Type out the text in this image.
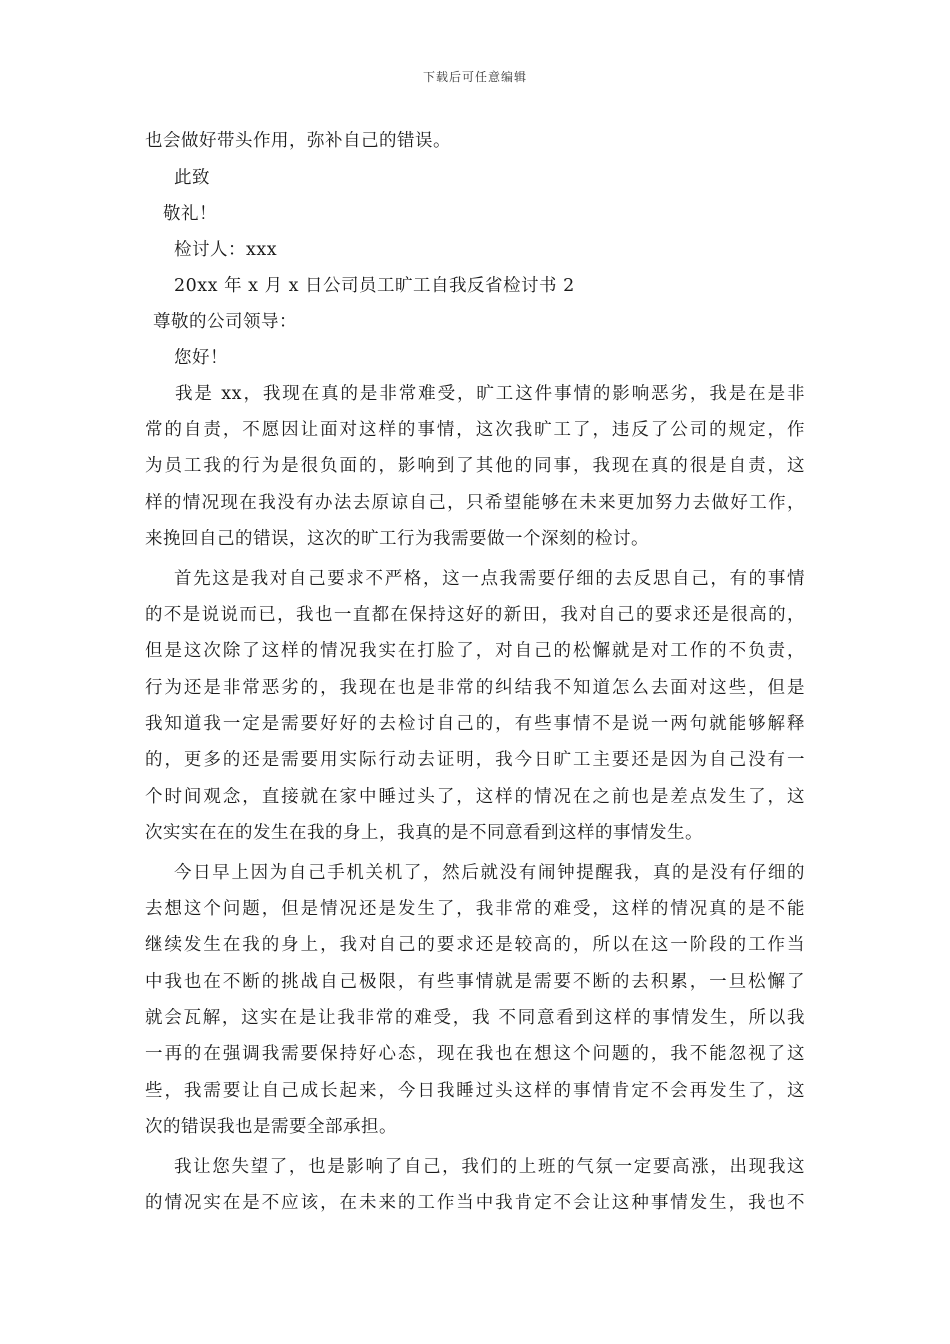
下载后可任意编辑
也会做好带头作用，弥补自己的错误。
此致
敬礼！
检讨人：xxx
20xx 年 x 月 x 日公司员工旷工自我反省检讨书 2
尊敬的公司领导：
您好！
我是 xx，我现在真的是非常难受，旷工这件事情的影响恶劣，我是在是非
常的自责，不愿因让面对这样的事情，这次我旷工了，违反了公司的规定，作
为员工我的行为是很负面的，影响到了其他的同事，我现在真的很是自责，这
样的情况现在我没有办法去原谅自己，只希望能够在未来更加努力去做好工作，
来挽回自己的错误，这次的旷工行为我需要做一个深刻的检讨。
首先这是我对自己要求不严格，这一点我需要仔细的去反思自己，有的事情
的不是说说而已，我也一直都在保持这好的新田，我对自己的要求还是很高的，
但是这次除了这样的情况我实在打脸了，对自己的松懈就是对工作的不负责，
行为还是非常恶劣的，我现在也是非常的纠结我不知道怎么去面对这些，但是
我知道我一定是需要好好的去检讨自己的，有些事情不是说一两句就能够解释
的，更多的还是需要用实际行动去证明，我今日旷工主要还是因为自己没有一
个时间观念，直接就在家中睡过头了，这样的情况在之前也是差点发生了，这
次实实在在的发生在我的身上，我真的是不同意看到这样的事情发生。
今日早上因为自己手机关机了，然后就没有闹钟提醒我，真的是没有仔细的
去想这个问题，但是情况还是发生了，我非常的难受，这样的情况真的是不能
继续发生在我的身上，我对自己的要求还是较高的，所以在这一阶段的工作当
中我也在不断的挑战自己极限，有些事情就是需要不断的去积累，一旦松懈了
就会瓦解，这实在是让我非常的难受，我 不同意看到这样的事情发生，所以我
一再的在强调我需要保持好心态，现在我也在想这个问题的，我不能忽视了这
些，我需要让自己成长起来，今日我睡过头这样的事情肯定不会再发生了，这
次的错误我也是需要全部承担。
我让您失望了，也是影响了自己，我们的上班的气氛一定要高涨，出现我这
的情况实在是不应该，在未来的工作当中我肯定不会让这种事情发生，我也不
